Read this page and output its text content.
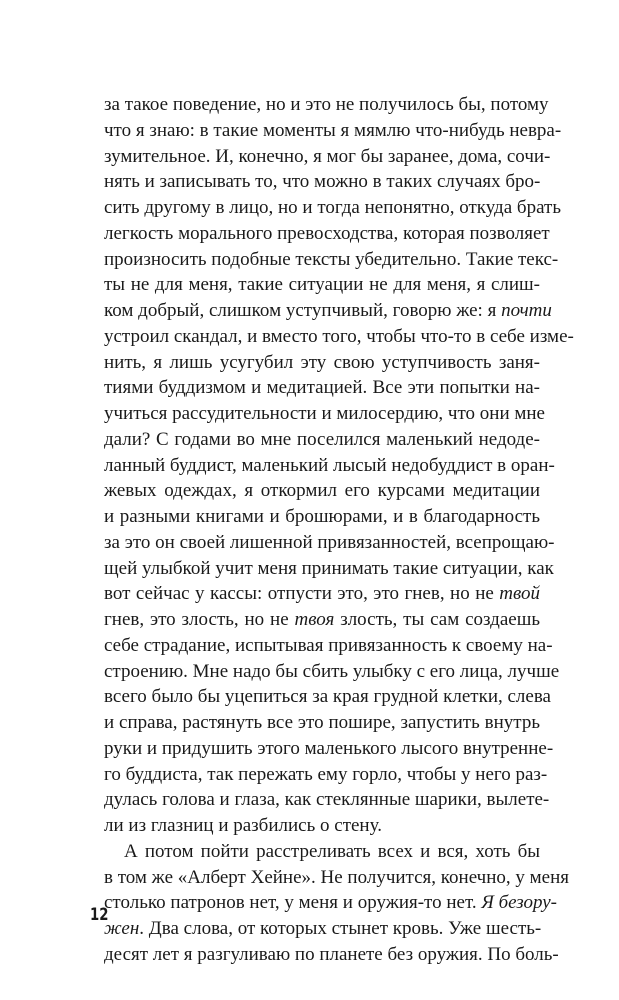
за такое поведение, но и это не получилось бы, потому
что я знаю: в такие моменты я мямлю что-нибудь невра-
зумительное. И, конечно, я мог бы заранее, дома, сочи-
нять и записывать то, что можно в таких случаях бро-
сить другому в лицо, но и тогда непонятно, откуда брать
легкость морального превосходства, которая позволяет
произносить подобные тексты убедительно. Такие текс-
ты не для меня, такие ситуации не для меня, я слиш-
ком добрый, слишком уступчивый, говорю же: я почти
устроил скандал, и вместо того, чтобы что-то в себе изме-
нить, я лишь усугубил эту свою уступчивость заня-
тиями буддизмом и медитацией. Все эти попытки на-
учиться рассудительности и милосердию, что они мне
дали? С годами во мне поселился маленький недоде-
ланный буддист, маленький лысый недобуддист в оран-
жевых одеждах, я откормил его курсами медитации
и разными книгами и брошюрами, и в благодарность
за это он своей лишенной привязанностей, всепрощаю-
щей улыбкой учит меня принимать такие ситуации, как
вот сейчас у кассы: отпусти это, это гнев, но не твой
гнев, это злость, но не твоя злость, ты сам создаешь
себе страдание, испытывая привязанность к своему на-
строению. Мне надо бы сбить улыбку с его лица, лучше
всего было бы уцепиться за края грудной клетки, слева
и справа, растянуть все это пошире, запустить внутрь
руки и придушить этого маленького лысого внутренне-
го буддиста, так пережать ему горло, чтобы у него раз-
дулась голова и глаза, как стеклянные шарики, вылете-
ли из глазниц и разбились о стену.
А потом пойти расстреливать всех и вся, хоть бы
в том же «Алберт Хейне». Не получится, конечно, у меня
столько патронов нет, у меня и оружия-то нет. Я безору-
жен. Два слова, от которых стынет кровь. Уже шесть-
десят лет я разгуливаю по планете без оружия. По боль-
12
